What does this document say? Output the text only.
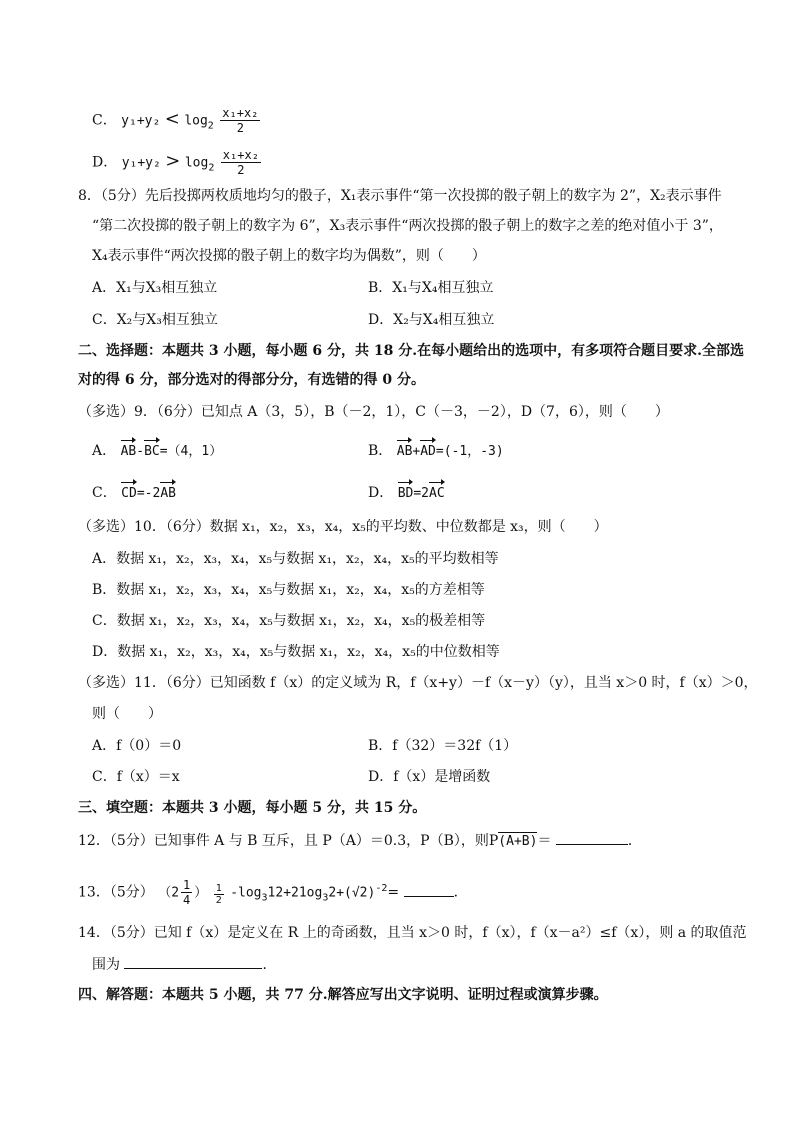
C． $y_1+y_2 < \log_2 \frac{\text{x₁+x₂}}{2}$
D． $y_1+y_2 > \log_2 \frac{\text{x₁+x₂}}{2}$
8．（5分）先后投掷两枚质地均匀的骰子，X₁表示事件“第一次投掷的骰子朝上的数字为 2”，X₂表示事件
“第二次投掷的骰子朝上的数字为 6”，X₃表示事件“两次投掷的骰子朝上的数字之差的绝对值小于 3”，
X₄表示事件“两次投掷的骰子朝上的数字均为偶数”，则（　　）
A．X₁与X₃相互独立	B．X₁与X₄相互独立
C．X₂与X₃相互独立	D．X₂与X₄相互独立
二、选择题：本题共 3 小题，每小题 6 分，共 18 分.在每小题给出的选项中，有多项符合题目要求.全部选
对的得 6 分，部分选对的得部分分，有选错的得 0 分。
（多选）9．（6分）已知点 A（3，5），B（－2，1），C（－3，－2），D（7，6），则（　　）
A． AB-BC=（4，1）	B． AB+AD=(-1，-3)
C． CD=-2AB	D． BD=2AC
（多选）10．（6分）数据 x₁，x₂，x₃，x₄，x₅的平均数、中位数都是 x₃，则（　　）
A．数据 x₁，x₂，x₃，x₄，x₅与数据 x₁，x₂，x₄，x₅的平均数相等
B．数据 x₁，x₂，x₃，x₄，x₅与数据 x₁，x₂，x₄，x₅的方差相等
C．数据 x₁，x₂，x₃，x₄，x₅与数据 x₁，x₂，x₄，x₅的极差相等
D．数据 x₁，x₂，x₃，x₄，x₅与数据 x₁，x₂，x₄，x₅的中位数相等
（多选）11．（6分）已知函数 f（x）的定义域为 R，f（x+y）－f（x－y）（y），且当 x＞0 时，f（x）＞0，
则（　　）
A．f（0）＝0	B．f（32）＝32f（1）
C．f（x）＝x	D．f（x）是增函数
三、填空题：本题共 3 小题，每小题 5 分，共 15 分。
12．（5分）已知事件 A 与 B 互斥，且 P（A）＝0.3，P（B），则P(A+B)＝	．
13．（5分） （$2 \frac{1}{4}$ ） $\frac{1}{2} -\log_312+21og_32+(√2)^{-2}=$	．
14．（5分）已知 f（x）是定义在 R 上的奇函数，且当 x＞0 时，f（x），f（x－a²）≤f（x），则 a 的取值范
围为	．
四、解答题：本题共 5 小题，共 77 分.解答应写出文字说明、证明过程或演算步骤。
